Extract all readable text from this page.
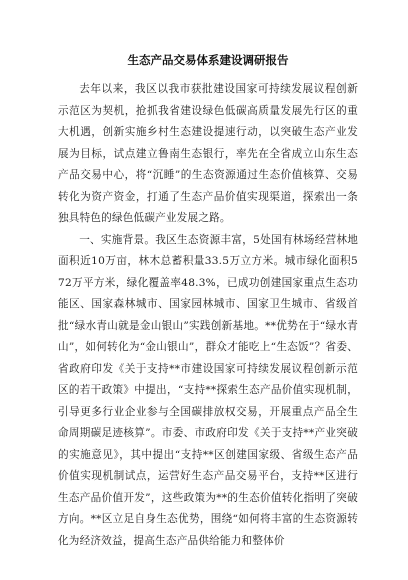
生态产品交易体系建设调研报告

去年以来，我区以我市获批建设国家可持续发展议程创新示范区为契机，抢抓我省建设绿色低碳高质量发展先行区的重大机遇，创新实施乡村生态建设提速行动，以突破生态产业发展为目标，试点建立鲁南生态银行，率先在全省成立山东生态产品交易中心，将“沉睡”的生态资源通过生态价值核算、交易转化为资产资金，打通了生态产品价值实现渠道，探索出一条独具特色的绿色低碳产业发展之路。

一、实施背景。我区生态资源丰富，5处国有林场经营林地面积近10万亩，林木总蓄积量33.5万立方米。城市绿化面积572万平方米，绿化覆盖率48.3%，已成功创建国家重点生态功能区、国家森林城市、国家园林城市、国家卫生城市、省级首批“绿水青山就是金山银山”实践创新基地。**优势在于“绿水青山”，如何转化为“金山银山”，群众才能吃上“生态饭”？省委、省政府印发《关于支持**市建设国家可持续发展议程创新示范区的若干政策》中提出，“支持**探索生态产品价值实现机制，引导更多行业企业参与全国碳排放权交易，开展重点产品全生命周期碳足迹核算”。市委、市政府印发《关于支持**产业突破的实施意见》，其中提出“支持**区创建国家级、省级生态产品价值实现机制试点，运营好生态产品交易平台，支持**区进行生态产品价值开发”，这些政策为**的生态价值转化指明了突破方向。**区立足自身生态优势，围绕“如何将丰富的生态资源转化为经济效益，提高生态产品供给能力和整体价
